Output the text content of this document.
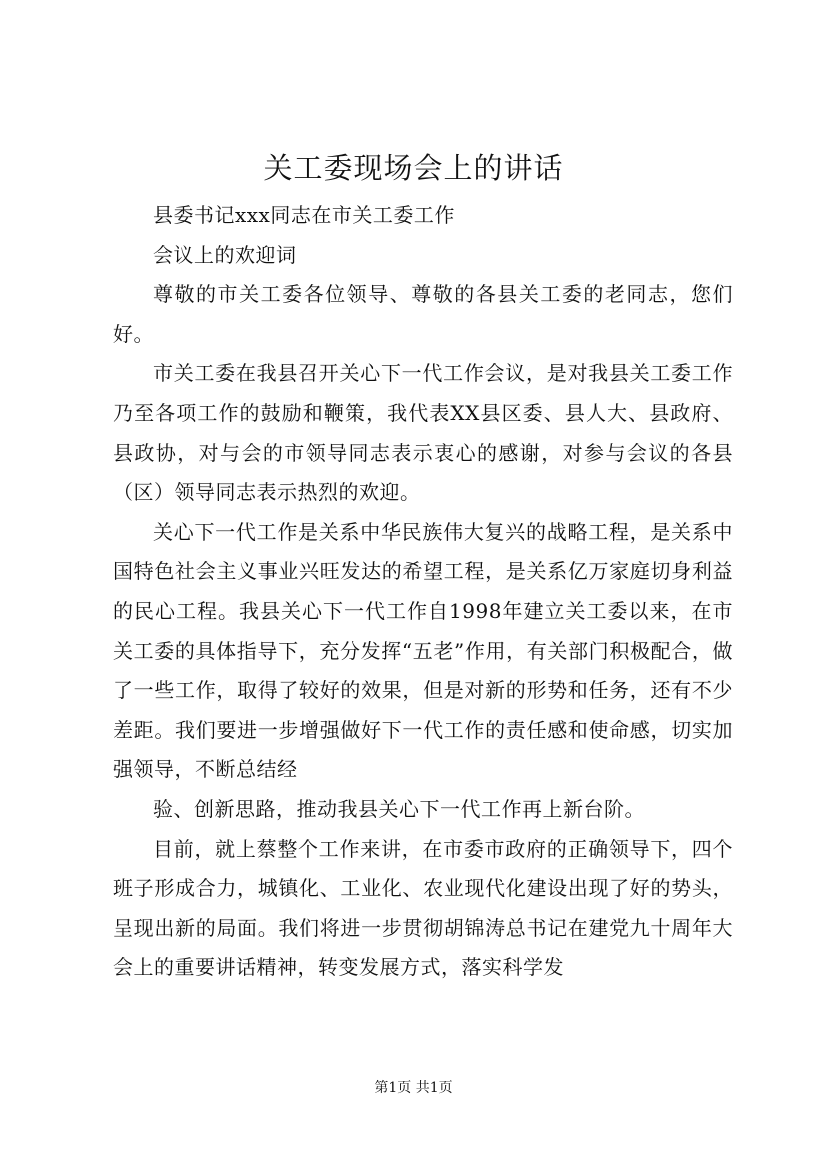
关工委现场会上的讲话

县委书记xxx同志在市关工委工作

会议上的欢迎词

尊敬的市关工委各位领导、尊敬的各县关工委的老同志，您们好。

市关工委在我县召开关心下一代工作会议，是对我县关工委工作乃至各项工作的鼓励和鞭策，我代表XX县区委、县人大、县政府、县政协，对与会的市领导同志表示衷心的感谢，对参与会议的各县（区）领导同志表示热烈的欢迎。

关心下一代工作是关系中华民族伟大复兴的战略工程，是关系中国特色社会主义事业兴旺发达的希望工程，是关系亿万家庭切身利益的民心工程。我县关心下一代工作自1998年建立关工委以来，在市关工委的具体指导下，充分发挥“五老”作用，有关部门积极配合，做了一些工作，取得了较好的效果，但是对新的形势和任务，还有不少差距。我们要进一步增强做好下一代工作的责任感和使命感，切实加强领导，不断总结经

验、创新思路，推动我县关心下一代工作再上新台阶。

目前，就上蔡整个工作来讲，在市委市政府的正确领导下，四个班子形成合力，城镇化、工业化、农业现代化建设出现了好的势头，呈现出新的局面。我们将进一步贯彻胡锦涛总书记在建党九十周年大会上的重要讲话精神，转变发展方式，落实科学发

第1页 共1页
